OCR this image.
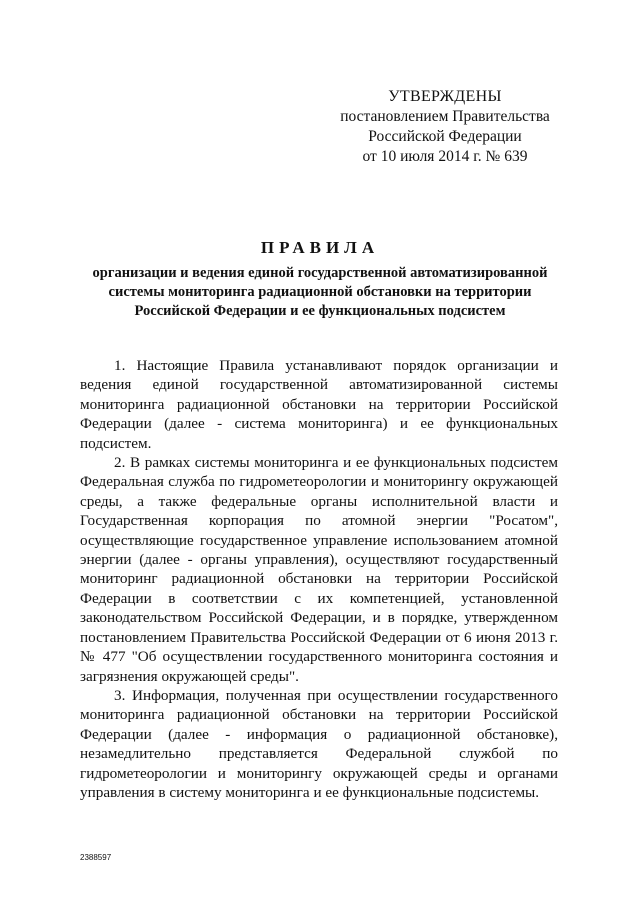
УТВЕРЖДЕНЫ
постановлением Правительства
Российской Федерации
от 10 июля 2014 г. № 639
ПРАВИЛА
организации и ведения единой государственной автоматизированной системы мониторинга радиационной обстановки на территории Российской Федерации и ее функциональных подсистем

1. Настоящие Правила устанавливают порядок организации и ведения единой государственной автоматизированной системы мониторинга радиационной обстановки на территории Российской Федерации (далее - система мониторинга) и ее функциональных подсистем.

2. В рамках системы мониторинга и ее функциональных подсистем Федеральная служба по гидрометеорологии и мониторингу окружающей среды, а также федеральные органы исполнительной власти и Государственная корпорация по атомной энергии "Росатом", осуществляющие государственное управление использованием атомной энергии (далее - органы управления), осуществляют государственный мониторинг радиационной обстановки на территории Российской Федерации в соответствии с их компетенцией, установленной законодательством Российской Федерации, и в порядке, утвержденном постановлением Правительства Российской Федерации от 6 июня 2013 г. № 477 "Об осуществлении государственного мониторинга состояния и загрязнения окружающей среды".

3. Информация, полученная при осуществлении государственного мониторинга радиационной обстановки на территории Российской Федерации (далее - информация о радиационной обстановке), незамедлительно представляется Федеральной службой по гидрометеорологии и мониторингу окружающей среды и органами управления в систему мониторинга и ее функциональные подсистемы.

2388597
